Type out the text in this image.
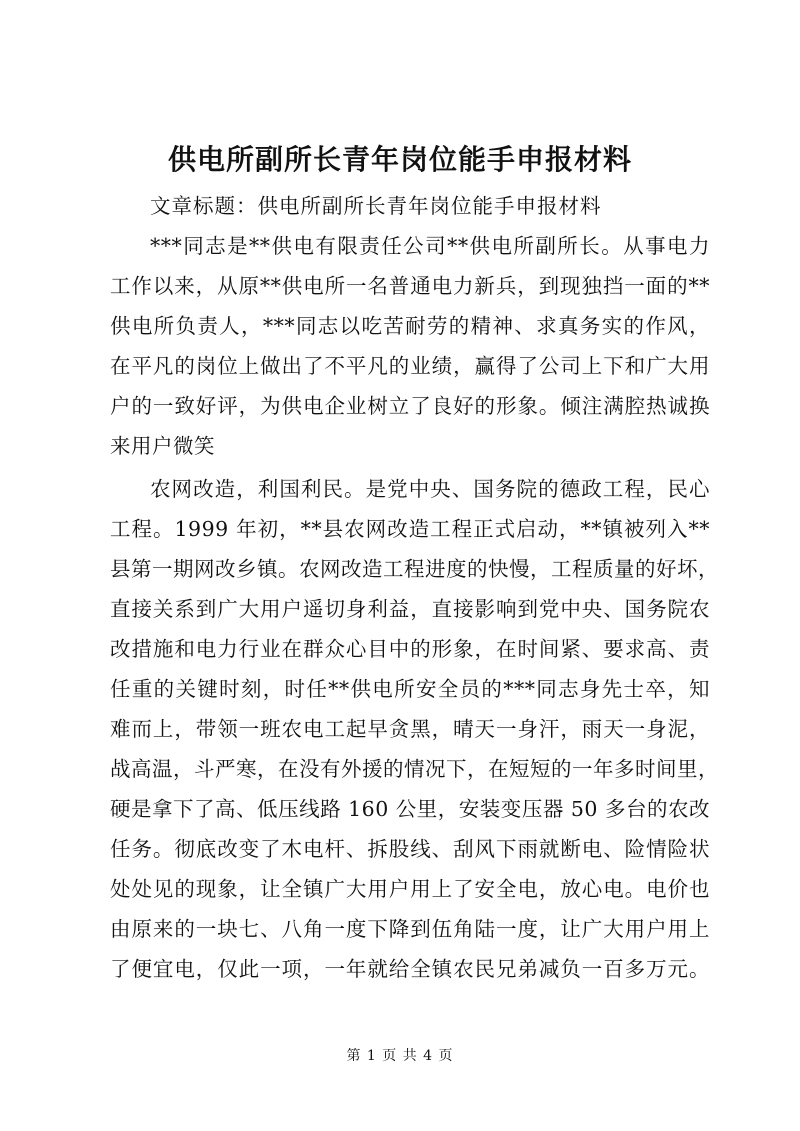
供电所副所长青年岗位能手申报材料
文章标题：供电所副所长青年岗位能手申报材料
***同志是**供电有限责任公司**供电所副所长。从事电力
工作以来，从原**供电所一名普通电力新兵，到现独挡一面的**
供电所负责人，***同志以吃苦耐劳的精神、求真务实的作风，
在平凡的岗位上做出了不平凡的业绩，赢得了公司上下和广大用
户的一致好评，为供电企业树立了良好的形象。倾注满腔热诚换
来用户微笑
农网改造，利国利民。是党中央、国务院的德政工程，民心
工程。1999 年初，**县农网改造工程正式启动，**镇被列入**
县第一期网改乡镇。农网改造工程进度的快慢，工程质量的好坏，
直接关系到广大用户遥切身利益，直接影响到党中央、国务院农
改措施和电力行业在群众心目中的形象，在时间紧、要求高、责
任重的关键时刻，时任**供电所安全员的***同志身先士卒，知
难而上，带领一班农电工起早贪黑，晴天一身汗，雨天一身泥，
战高温，斗严寒，在没有外援的情况下，在短短的一年多时间里，
硬是拿下了高、低压线路 160 公里，安装变压器 50 多台的农改
任务。彻底改变了木电杆、拆股线、刮风下雨就断电、险情险状
处处见的现象，让全镇广大用户用上了安全电，放心电。电价也
由原来的一块七、八角一度下降到伍角陆一度，让广大用户用上
了便宜电，仅此一项，一年就给全镇农民兄弟减负一百多万元。
第 1 页 共 4 页
